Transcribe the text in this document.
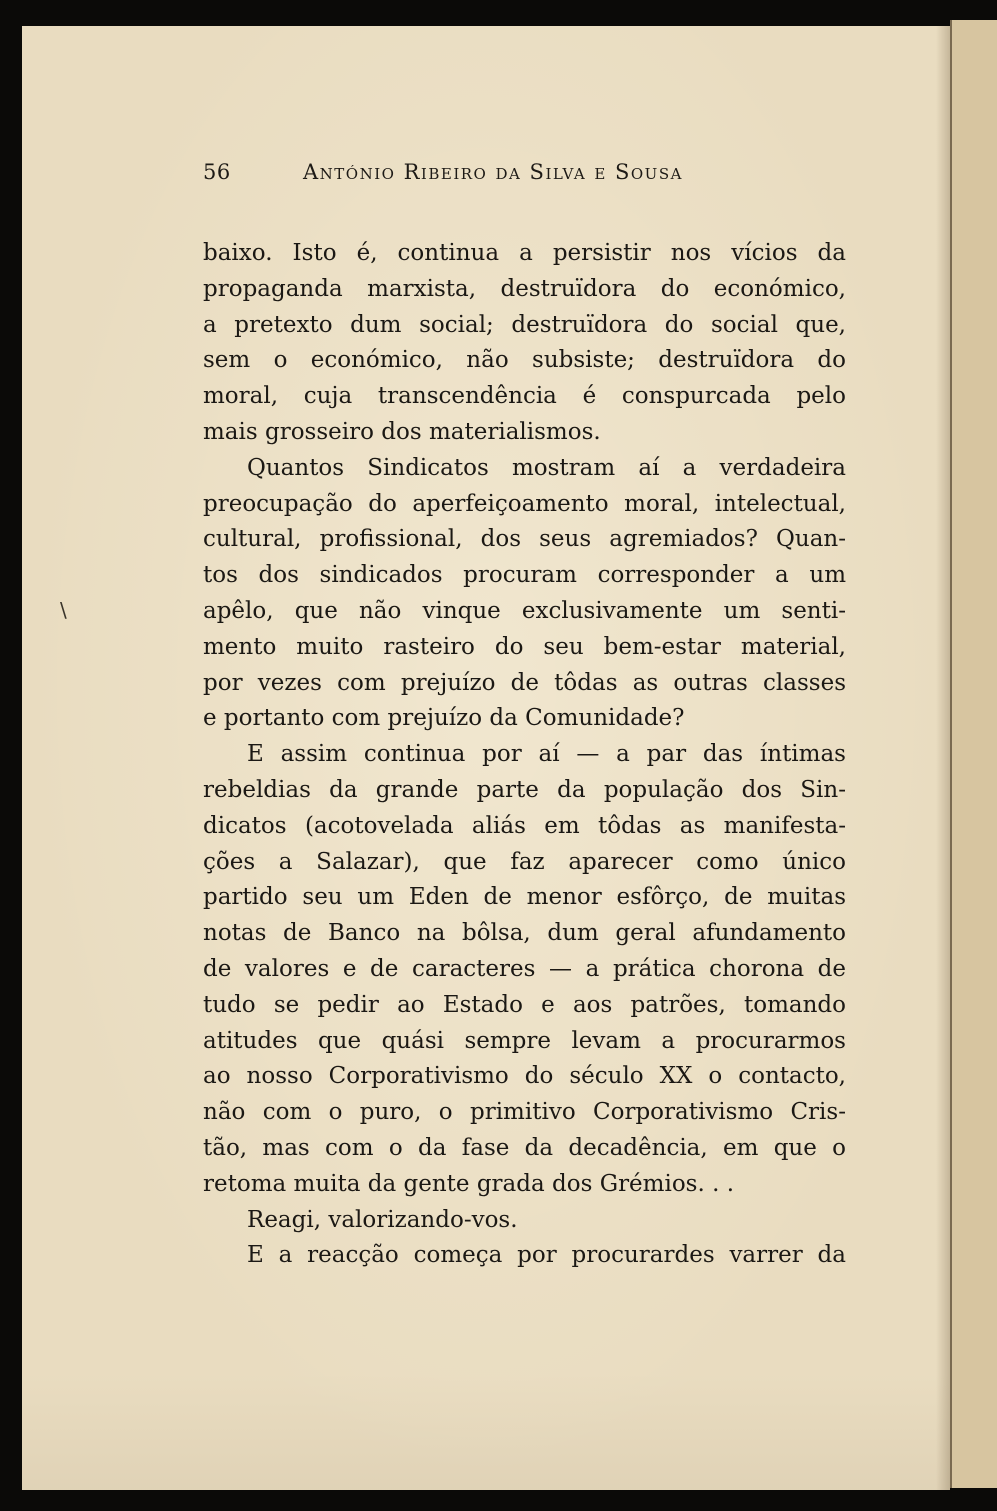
56	António Ribeiro da Silva e Sousa
\
baixo. Isto é, continua a persistir nos vícios da
propaganda marxista, destruïdora do económico,
a pretexto dum social; destruïdora do social que,
sem o económico, não subsiste; destruïdora do
moral, cuja transcendência é conspurcada pelo
mais grosseiro dos materialismos.
Quantos Sindicatos mostram aí a verdadeira
preocupação do aperfeiçoamento moral, intelectual,
cultural, profissional, dos seus agremiados? Quan-
tos dos sindicados procuram corresponder a um
apêlo, que não vinque exclusivamente um senti-
mento muito rasteiro do seu bem-estar material,
por vezes com prejuízo de tôdas as outras classes
e portanto com prejuízo da Comunidade?
E assim continua por aí — a par das íntimas
rebeldias da grande parte da população dos Sin-
dicatos (acotovelada aliás em tôdas as manifesta-
ções a Salazar), que faz aparecer como único
partido seu um Eden de menor esfôrço, de muitas
notas de Banco na bôlsa, dum geral afundamento
de valores e de caracteres — a prática chorona de
tudo se pedir ao Estado e aos patrões, tomando
atitudes que quási sempre levam a procurarmos
ao nosso Corporativismo do século XX o contacto,
não com o puro, o primitivo Corporativismo Cris-
tão, mas com o da fase da decadência, em que o
retoma muita da gente grada dos Grémios. . .
Reagi, valorizando-vos.
E a reacção começa por procurardes varrer da
